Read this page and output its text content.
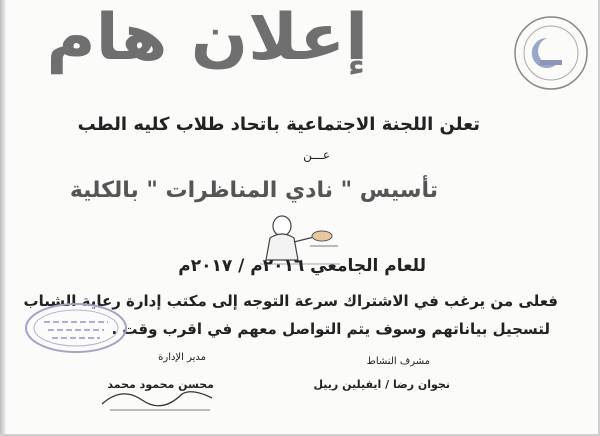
إعلان هام
تعلن اللجنة الاجتماعية باتحاد طلاب كليه الطب
عـــن
تأسيس " نادي المناظرات " بالكلية
للعام الجامعي ٢٠١٦م / ٢٠١٧م
فعلى من يرغب في الاشتراك سرعة التوجه إلى مكتب إدارة رعاية الشباب
لتسجيل بياناتهم وسوف يتم التواصل معهم في اقرب وقت .
مشرف النشاط
نجوان رضا / ايفيلين رييل
مدير الإدارة
محسن محمود محمد
